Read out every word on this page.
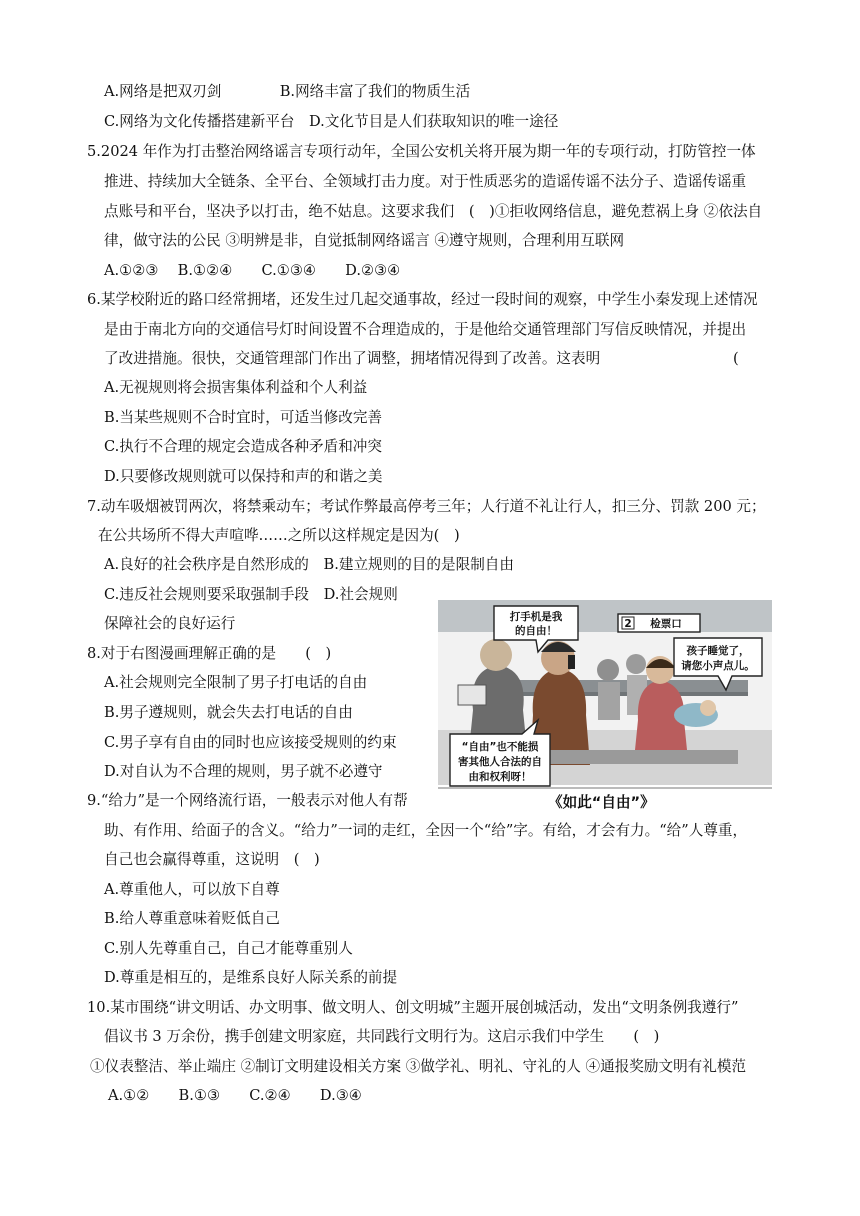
A.网络是把双刃剑　　　　B.网络丰富了我们的物质生活
C.网络为文化传播搭建新平台　D.文化节目是人们获取知识的唯一途径
5.2024 年作为打击整治网络谣言专项行动年，全国公安机关将开展为期一年的专项行动，打防管控一体
推进、持续加大全链条、全平台、全领域打击力度。对于性质恶劣的造谣传谣不法分子、造谣传谣重
点账号和平台，坚决予以打击，绝不姑息。这要求我们　(　)①拒收网络信息，避免惹祸上身 ②依法自
律，做守法的公民 ③明辨是非，自觉抵制网络谣言 ④遵守规则，合理利用互联网
A.①②③　 B.①②④　　C.①③④　　D.②③④
6.某学校附近的路口经常拥堵，还发生过几起交通事故，经过一段时间的观察，中学生小秦发现上述情况
是由于南北方向的交通信号灯时间设置不合理造成的，于是他给交通管理部门写信反映情况，并提出
了改进措施。很快，交通管理部门作出了调整，拥堵情况得到了改善。这表明	(
A.无视规则将会损害集体利益和个人利益
B.当某些规则不合时宜时，可适当修改完善
C.执行不合理的规定会造成各种矛盾和冲突
D.只要修改规则就可以保持和声的和谐之美
7.动车吸烟被罚两次，将禁乘动车；考试作弊最高停考三年；人行道不礼让行人，扣三分、罚款 200 元；
在公共场所不得大声喧哗……之所以这样规定是因为(　)
A.良好的社会秩序是自然形成的　B.建立规则的目的是限制自由
C.违反社会规则要采取强制手段　D.社会规则
保障社会的良好运行
8.对于右图漫画理解正确的是　　(　)
A.社会规则完全限制了男子打电话的自由
B.男子遵规则，就会失去打电话的自由
C.男子享有自由的同时也应该接受规则的约束
D.对自认为不合理的规则，男子就不必遵守
9.“给力”是一个网络流行语，一般表示对他人有帮
助、有作用、给面子的含义。“给力”一词的走红，全因一个“给”字。有给，才会有力。“给”人尊重，
自己也会赢得尊重，这说明　(　)
A.尊重他人，可以放下自尊
B.给人尊重意味着贬低自己
C.别人先尊重自己，自己才能尊重别人
D.尊重是相互的，是维系良好人际关系的前提
10.某市围绕“讲文明话、办文明事、做文明人、创文明城”主题开展创城活动，发出“文明条例我遵行”
倡议书 3 万余份，携手创建文明家庭，共同践行文明行为。这启示我们中学生　　(　)
①仪表整洁、举止端庄 ②制订文明建设相关方案 ③做学礼、明礼、守礼的人 ④通报奖励文明有礼模范
A.①②　　B.①③　　C.②④　　D.③④
打手机是我
的自由！
2 检票口
孩子睡觉了，
请您小声点儿。
“自由”也不能损
害其他人合法的自
由和权利呀！
《如此“自由”》
